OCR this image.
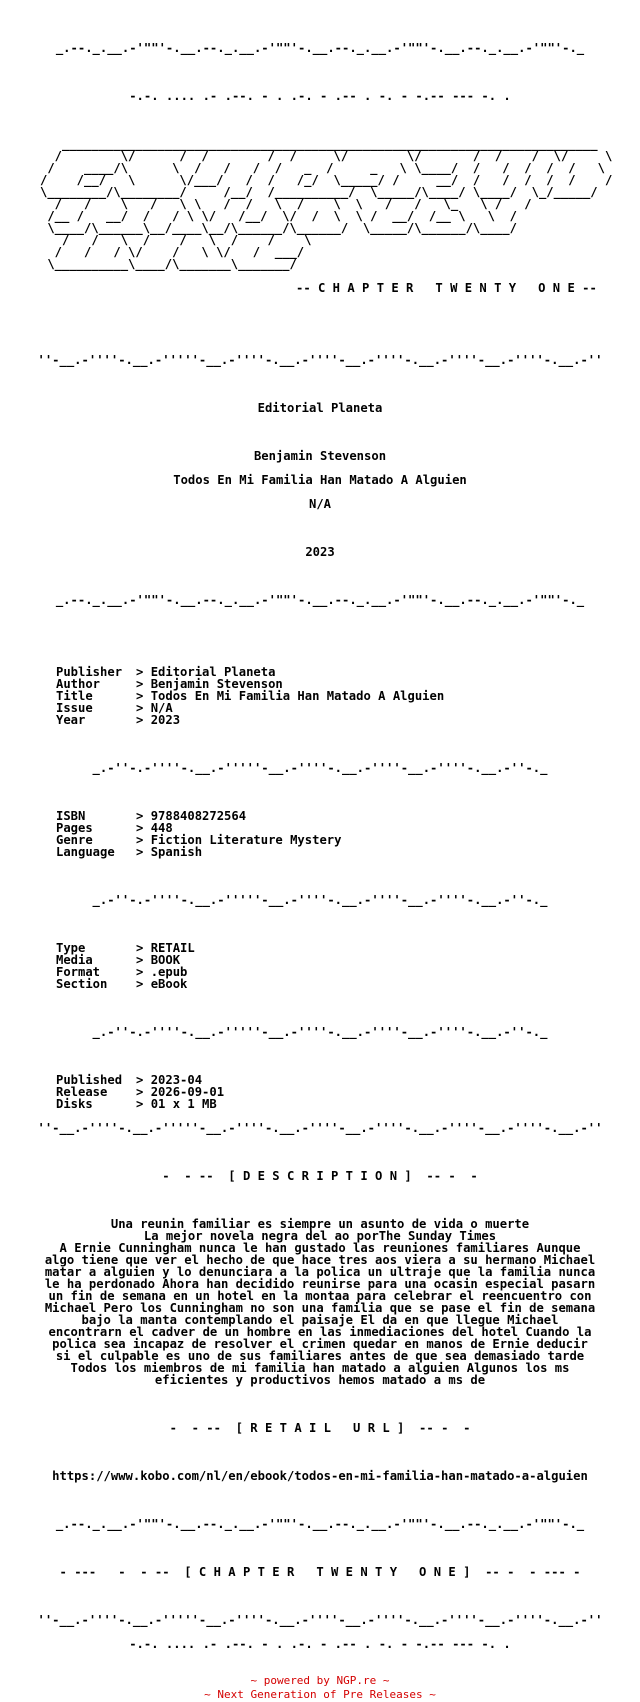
_.--._.__.-'""'-.__.--._.__.-'""'-.__.--._.__.-'""'-.__.--._.__.-'""'-._

-.-. .... .- .--. - . .-. - .-- . -. - -.-- --- -. .

_________________________________________________________________________
/        \/      /  /        /  /     \/        \/       /  /    /  \/     \
/    ____/\      \  /   /   /  /   _  /     _   \ \____/  /   /  /  /  /   \
/    /__/   \      \/___/   /  /   /_/  \_____/ /     __/  /   /  /  /  /    /
\________/\________/     /__/  /__________/  \_____/\____/ \____/  \_/_____/
/   /    \   /   \ \   /  /   \  /    \  \   /   /   \_   \ /   /
/__ /   __/  /   / \ \/   /__/  \/  /  \  \ /  __/  /__ \   \  /
\____/\______\__/____\__/\______/\______/  \_____/\______/\____/
/   /   \  /    /   \  /    /    \
/   /   / \/    /   \ \/   /  ___/
\__________\____/\_______\_______/

-- C H A P T E R   T W E N T Y   O N E --

''-__.-''''-.__.-'''''-__.-''''-.__.-''''-__.-''''-.__.-''''-__.-''''-.__.-''

Editorial Planeta

Benjamin Stevenson

Todos En Mi Familia Han Matado A Alguien

N/A

2023

_.--._.__.-'""'-.__.--._.__.-'""'-.__.--._.__.-'""'-.__.--._.__.-'""'-._

Publisher > Editorial Planeta
Author	> Benjamin Stevenson
Title	> Todos En Mi Familia Han Matado A Alguien
Issue	> N/A
Year	> 2023

_.-''-.-''''-.__.-'''''-__.-''''-.__.-''''-__.-''''-.__.-''-._

ISBN	> 9788408272564
Pages	> 448
Genre	> Fiction Literature Mystery
Language > Spanish

_.-''-.-''''-.__.-'''''-__.-''''-.__.-''''-__.-''''-.__.-''-._

Type	> RETAIL
Media	> BOOK
Format	> .epub
Section > eBook

_.-''-.-''''-.__.-'''''-__.-''''-.__.-''''-__.-''''-.__.-''-._

Published > 2023-04
Release > 2026-09-01
Disks	> 01 x 1 MB

''-__.-''''-.__.-'''''-__.-''''-.__.-''''-__.-''''-.__.-''''-__.-''''-.__.-''

-  - --  [ D E S C R I P T I O N ]  -- -  -

Una reunin familiar es siempre un asunto de vida o muerte
La mejor novela negra del ao porThe Sunday Times
A Ernie Cunningham nunca le han gustado las reuniones familiares Aunque
algo tiene que ver el hecho de que hace tres aos viera a su hermano Michael
matar a alguien y lo denunciara a la polica un ultraje que la familia nunca
le ha perdonado Ahora han decidido reunirse para una ocasin especial pasarn
un fin de semana en un hotel en la montaa para celebrar el reencuentro con
Michael Pero los Cunningham no son una familia que se pase el fin de semana
bajo la manta contemplando el paisaje El da en que llegue Michael
encontrarn el cadver de un hombre en las inmediaciones del hotel Cuando la
polica sea incapaz de resolver el crimen quedar en manos de Ernie deducir
si el culpable es uno de sus familiares antes de que sea demasiado tarde
Todos los miembros de mi familia han matado a alguien Algunos los ms
eficientes y productivos hemos matado a ms de

-  - --  [ R E T A I L   U R L ]  -- -  -

https://www.kobo.com/nl/en/ebook/todos-en-mi-familia-han-matado-a-alguien

_.--._.__.-'""'-.__.--._.__.-'""'-.__.--._.__.-'""'-.__.--._.__.-'""'-._

- ---   -  - --  [ C H A P T E R   T W E N T Y   O N E ]  -- -  - --- -

''-__.-''''-.__.-'''''-__.-''''-.__.-''''-__.-''''-.__.-''''-__.-''''-.__.-''

-.-. .... .- .--. - . .-. - .-- . -. - -.-- --- -. .

~ powered by NGP.re ~
~ Next Generation of Pre Releases ~
